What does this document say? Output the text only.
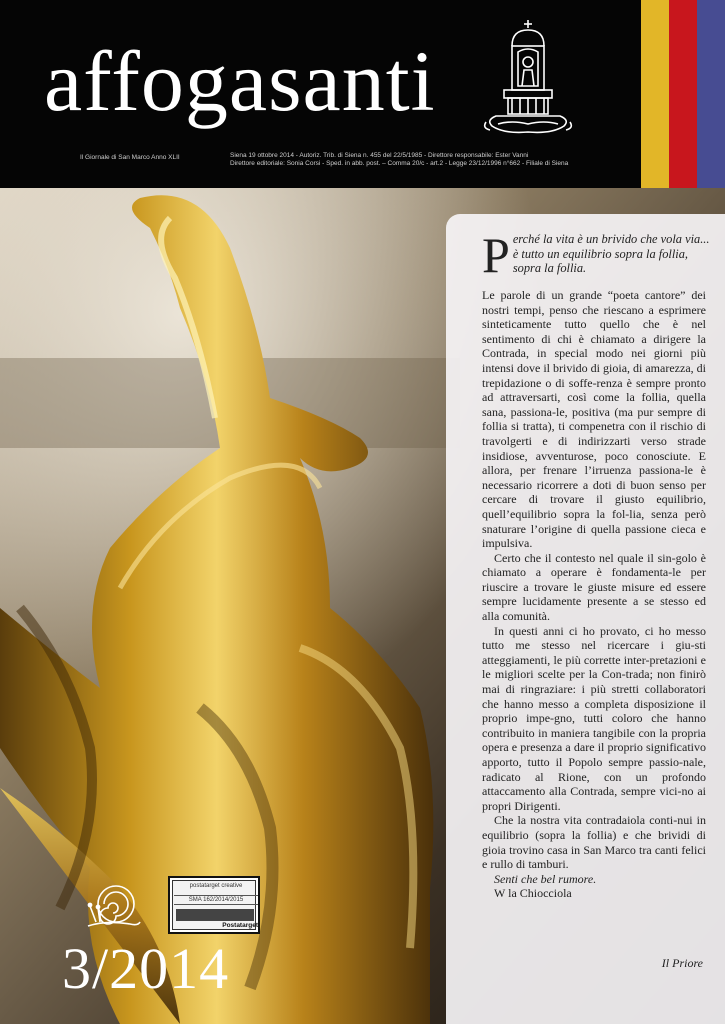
affogasanti
Il Giornale di San Marco Anno XLII	Siena 19 ottobre 2014 - Autoriz. Trib. di Siena n. 455 del 22/5/1985 - Direttore responsabile: Ester Vanni
Direttore editoriale: Sonia Corsi - Sped. in abb. post. – Comma 20/c - art.2 - Legge 23/12/1996 n°662 - Filiale di Siena
Perché la vita è un brivido che vola via... è tutto un equilibrio sopra la follia, sopra la follia.

Le parole di un grande “poeta cantore” dei nostri tempi, penso che riescano a esprimere sinteticamente tutto quello che è nel sentimento di chi è chiamato a dirigere la Contrada, in special modo nei giorni più intensi dove il brivido di gioia, di amarezza, di trepidazione o di soffe-renza è sempre pronto ad attraversarti, così come la follia, quella sana, passiona-le, positiva (ma pur sempre di follia si tratta), ti compenetra con il rischio di travolgerti e di indirizzarti verso strade insidiose, avventurose, poco conosciute. E allora, per frenare l’irruenza passiona-le è necessario ricorrere a doti di buon senso per cercare di trovare il giusto equilibrio, quell’equilibrio sopra la fol-lia, senza però snaturare l’origine di quella passione cieca e impulsiva.

Certo che il contesto nel quale il sin-golo è chiamato a operare è fondamenta-le per riuscire a trovare le giuste misure ed essere sempre lucidamente presente a se stesso ed alla comunità.

In questi anni ci ho provato, ci ho messo tutto me stesso nel ricercare i giu-sti atteggiamenti, le più corrette inter-pretazioni e le migliori scelte per la Con-trada; non finirò mai di ringraziare: i più stretti collaboratori che hanno messo a completa disposizione il proprio impe-gno, tutti coloro che hanno contribuito in maniera tangibile con la propria opera e presenza a dare il proprio significativo apporto, tutto il Popolo sempre passio-nale, radicato al Rione, con un profondo attaccamento alla Contrada, sempre vici-no ai propri Dirigenti.

Che la nostra vita contradaiola conti-nui in equilibrio (sopra la follia) e che brividi di gioia trovino casa in San Marco tra canti felici e rullo di tamburi.

Senti che bel rumore.

W la Chiocciola

Il Priore
postatarget creative
SMA 162/2014/2015
Postatarget
3/2014
